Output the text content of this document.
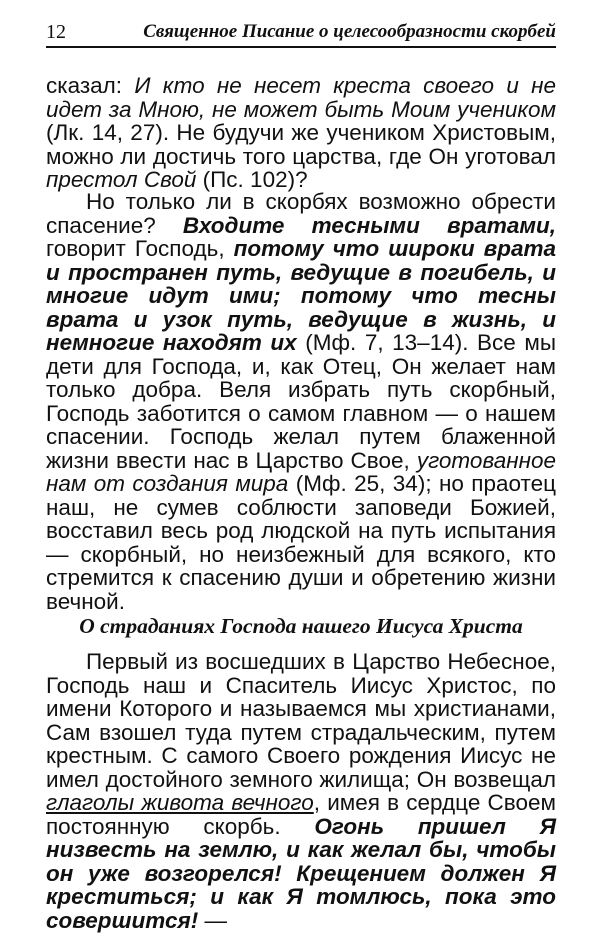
12	Священное Писание о целесообразности скорбей

сказал: И кто не несет креста своего и не идет за Мною, не может быть Моим учеником (Лк. 14, 27). Не будучи же учеником Христовым, можно ли достичь того царства, где Он уготовал престол Свой (Пс. 102)?

Но только ли в скорбях возможно обрести спасение? Входите тесными вратами, говорит Господь, потому что широки врата и пространен путь, ведущие в погибель, и многие идут ими; потому что тесны врата и узок путь, ведущие в жизнь, и немногие находят их (Мф. 7, 13–14). Все мы дети для Господа, и, как Отец, Он желает нам только добра. Веля избрать путь скорбный, Господь заботится о самом главном — о нашем спасении. Господь желал путем блаженной жизни ввести нас в Царство Свое, уготованное нам от создания мира (Мф. 25, 34); но праотец наш, не сумев соблюсти заповеди Божией, восставил весь род людской на путь испытания — скорбный, но неизбежный для всякого, кто стремится к спасению души и обретению жизни вечной.

О страданиях Господа нашего Иисуса Христа

Первый из восшедших в Царство Небесное, Господь наш и Спаситель Иисус Христос, по имени Которого и называемся мы христианами, Сам взошел туда путем страдальческим, путем крестным. С самого Своего рождения Иисус не имел достойного земного жилища; Он возвещал глаголы живота вечного, имея в сердце Своем постоянную скорбь. Огонь пришел Я низвесть на землю, и как желал бы, чтобы он уже возгорелся! Крещением должен Я креститься; и как Я томлюсь, пока это совершится! —
